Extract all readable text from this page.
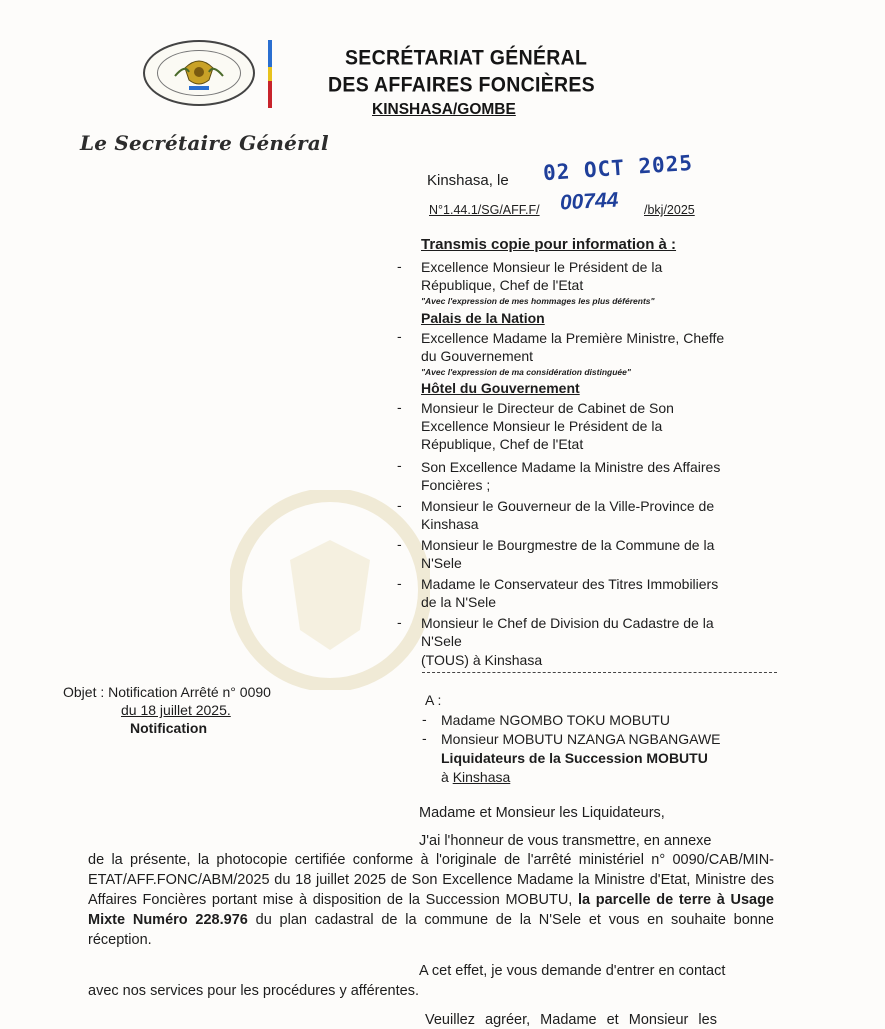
SECRÉTARIAT GÉNÉRAL
DES AFFAIRES FONCIÈRES
KINSHASA/GOMBE
Le Secrétaire Général
Kinshasa, le 02 OCT 2025
N°1.44.1/SG/AFF.F/ 00744 /bkj/2025
Transmis copie pour information à :
- Excellence Monsieur le Président de la
République, Chef de l'Etat
"Avec l'expression de mes hommages les plus déférents"
Palais de la Nation
- Excellence Madame la Première Ministre, Cheffe
du Gouvernement
"Avec l'expression de ma considération distinguée"
Hôtel du Gouvernement
- Monsieur le Directeur de Cabinet de Son
Excellence Monsieur le Président de la
République, Chef de l'Etat
- Son Excellence Madame la Ministre des Affaires
Foncières ;
- Monsieur le Gouverneur de la Ville-Province de
Kinshasa
- Monsieur le Bourgmestre de la Commune de la
N'Sele
- Madame le Conservateur des Titres Immobiliers
de la N'Sele
- Monsieur le Chef de Division du Cadastre de la
N'Sele
(TOUS) à Kinshasa
Objet : Notification Arrêté n° 0090
du 18 juillet 2025.
Notification
A :
- Madame NGOMBO TOKU MOBUTU
- Monsieur MOBUTU NZANGA NGBANGAWE
Liquidateurs de la Succession MOBUTU
à Kinshasa
Madame et Monsieur les Liquidateurs,
J'ai l'honneur de vous transmettre, en annexe
de la présente, la photocopie certifiée conforme à l'originale de l'arrêté ministériel n° 0090/CAB/MIN-ETAT/AFF.FONC/ABM/2025 du 18 juillet 2025 de Son Excellence Madame la Ministre d'Etat, Ministre des Affaires Foncières portant mise à disposition de la Succession MOBUTU, la parcelle de terre à Usage Mixte Numéro 228.976 du plan cadastral de la commune de la N'Sele et vous en souhaite bonne réception.
A cet effet, je vous demande d'entrer en contact
avec nos services pour les procédures y afférentes.
Veuillez agréer, Madame et Monsieur les
